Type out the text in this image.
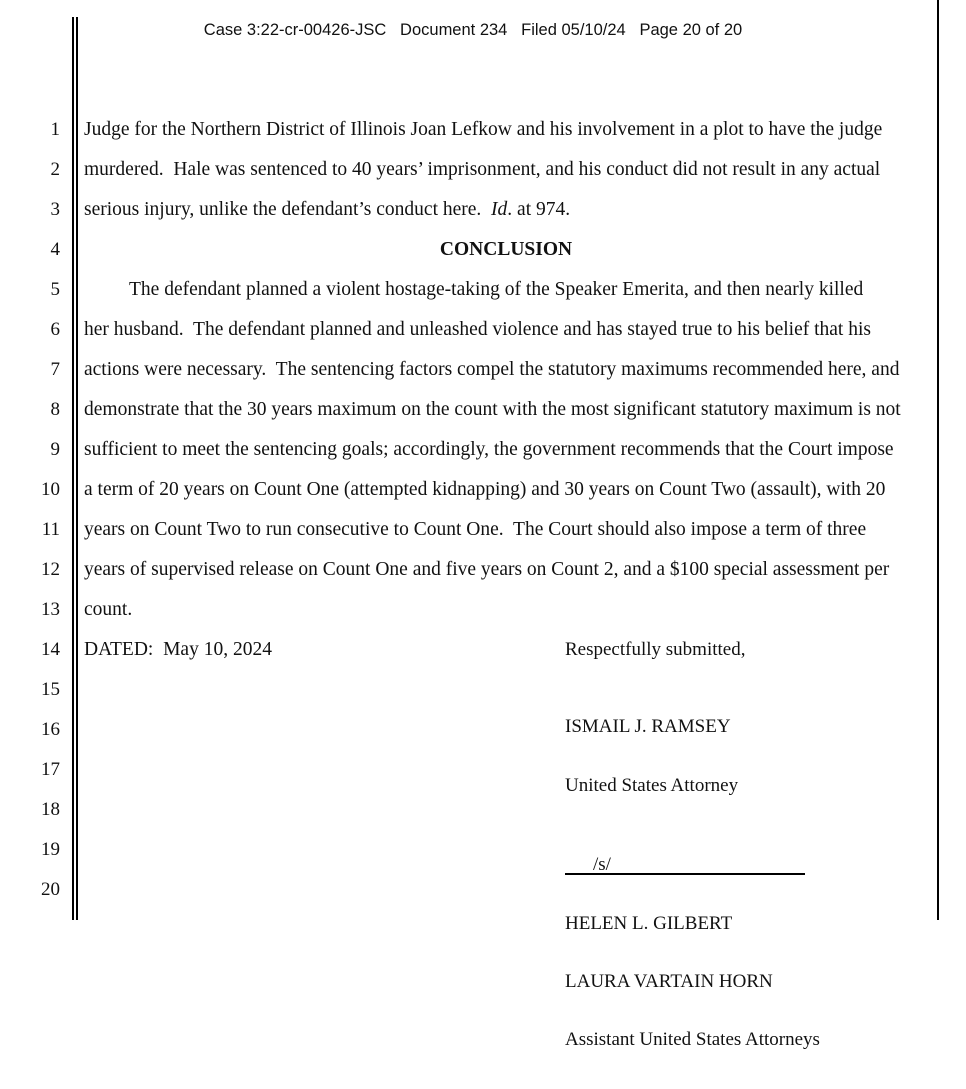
Case 3:22-cr-00426-JSC   Document 234   Filed 05/10/24   Page 20 of 20
1
2
3
4
5
6
7
8
9
10
11
12
13
14
15
16
17
18
19
20
Judge for the Northern District of Illinois Joan Lefkow and his involvement in a plot to have the judge
murdered.  Hale was sentenced to 40 years’ imprisonment, and his conduct did not result in any actual
serious injury, unlike the defendant’s conduct here.  Id. at 974.
CONCLUSION
The defendant planned a violent hostage-taking of the Speaker Emerita, and then nearly killed
her husband.  The defendant planned and unleashed violence and has stayed true to his belief that his
actions were necessary.  The sentencing factors compel the statutory maximums recommended here, and
demonstrate that the 30 years maximum on the count with the most significant statutory maximum is not
sufficient to meet the sentencing goals; accordingly, the government recommends that the Court impose
a term of 20 years on Count One (attempted kidnapping) and 30 years on Count Two (assault), with 20
years on Count Two to run consecutive to Count One.  The Court should also impose a term of three
years of supervised release on Count One and five years on Count 2, and a $100 special assessment per
count.
DATED:  May 10, 2024	Respectfully submitted,

ISMAIL J. RAMSEY

United States Attorney

/s/

HELEN L. GILBERT

LAURA VARTAIN HORN

Assistant United States Attorneys
